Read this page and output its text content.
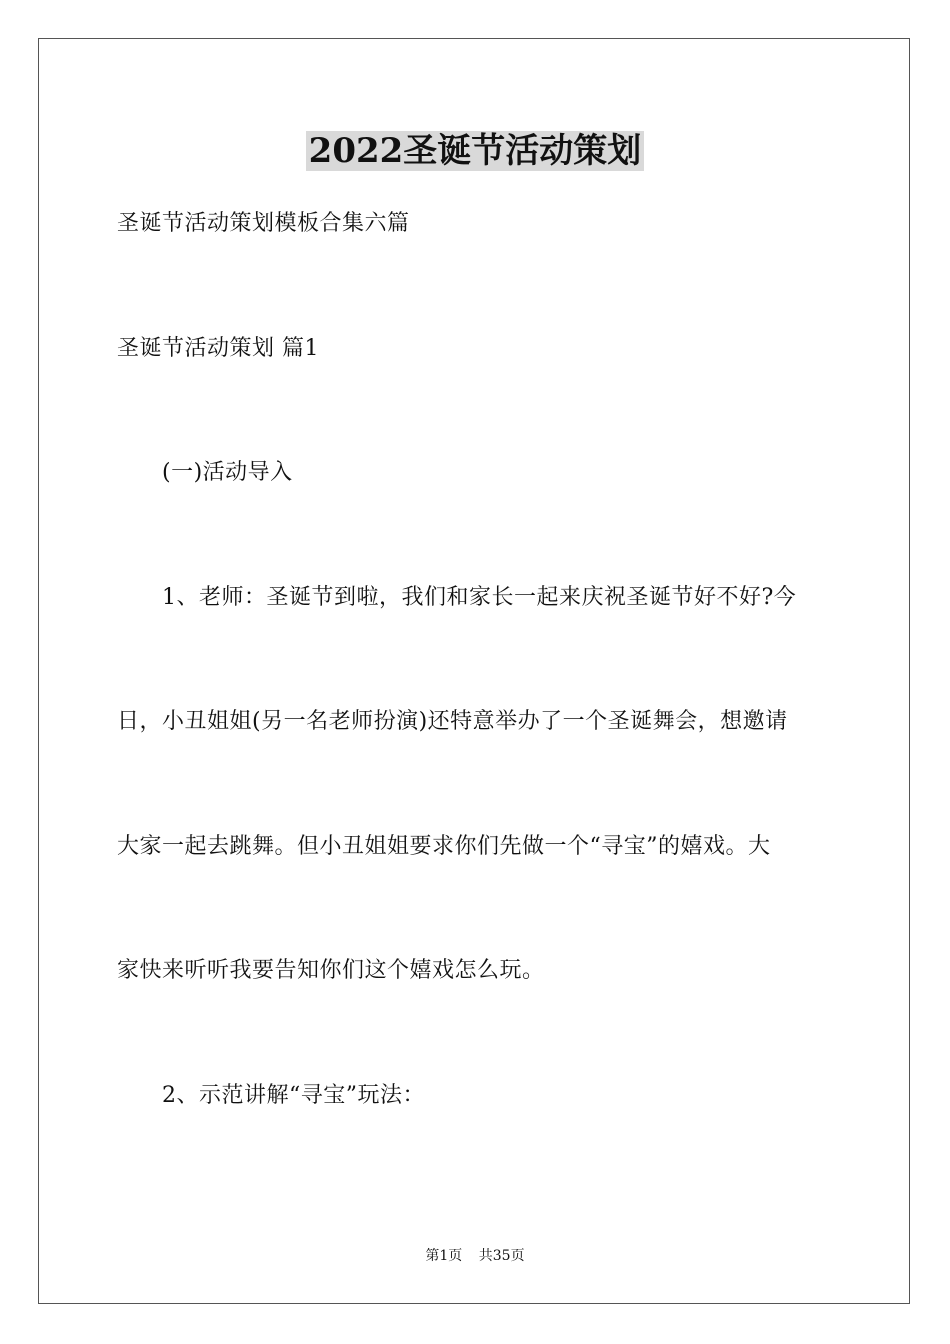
2022圣诞节活动策划

圣诞节活动策划模板合集六篇

圣诞节活动策划 篇1

(一)活动导入

1、老师：圣诞节到啦，我们和家长一起来庆祝圣诞节好不好?今

日，小丑姐姐(另一名老师扮演)还特意举办了一个圣诞舞会，想邀请

大家一起去跳舞。但小丑姐姐要求你们先做一个“寻宝”的嬉戏。大

家快来听听我要告知你们这个嬉戏怎么玩。

2、示范讲解“寻宝”玩法：

第1页 共35页
